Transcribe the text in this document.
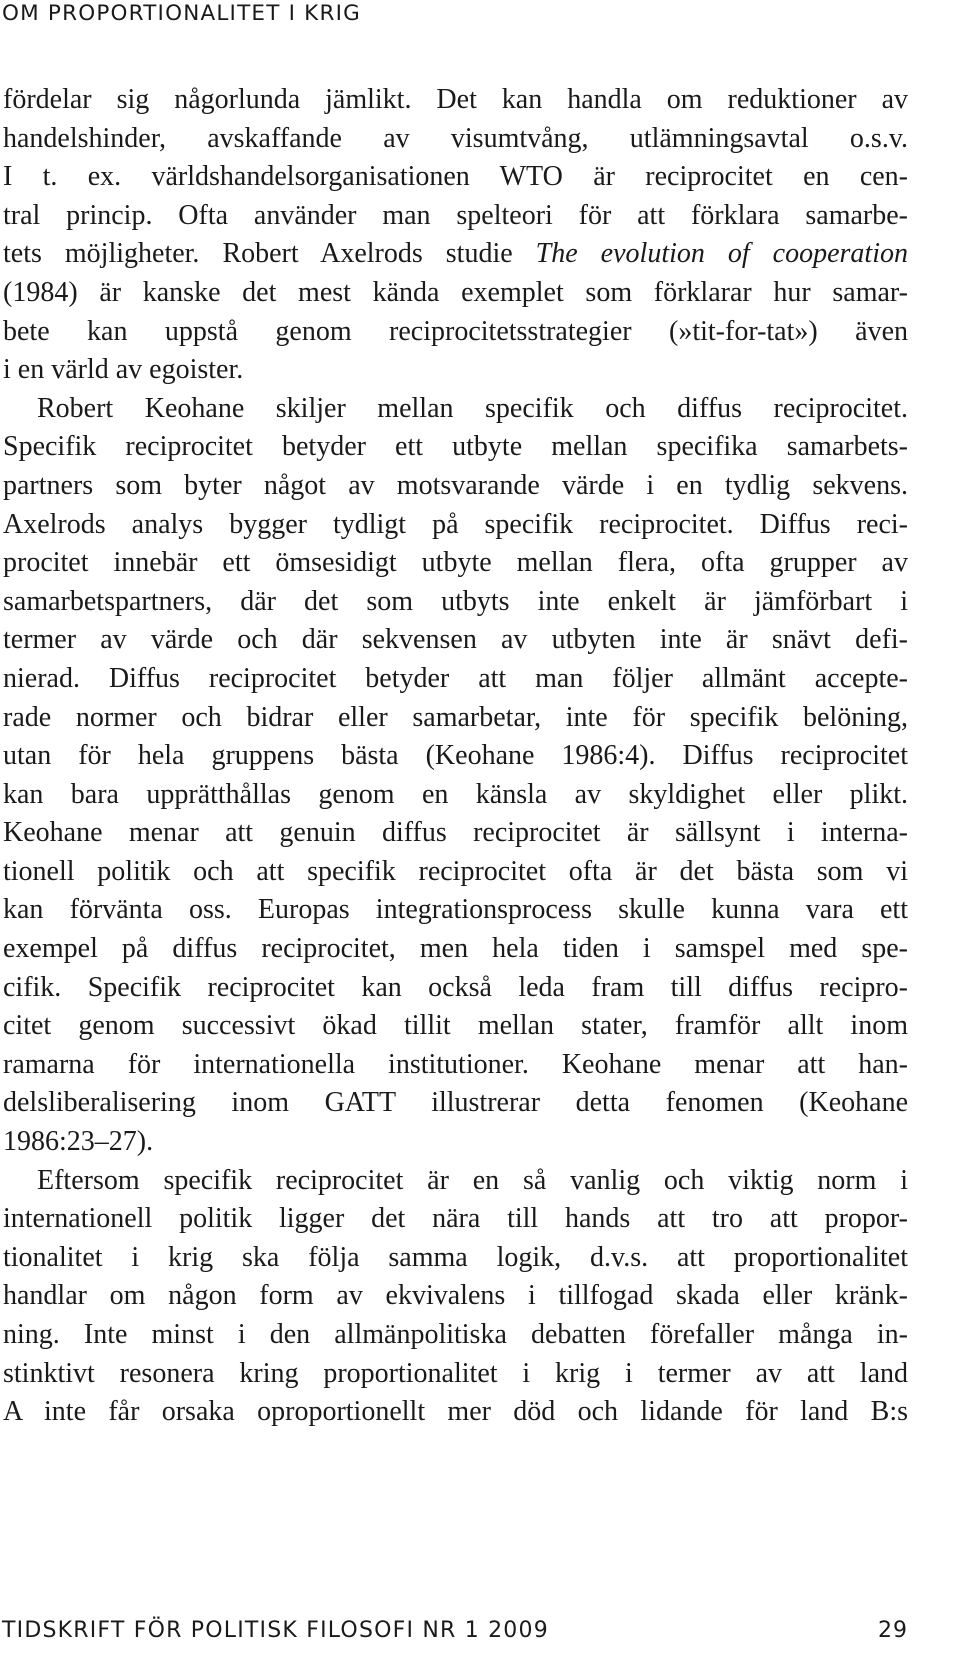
OM PROPORTIONALITET I KRIG
fördelar sig någorlunda jämlikt. Det kan handla om reduktioner av
handelshinder, avskaffande av visumtvång, utlämningsavtal o.s.v.
I t. ex. världshandelsorganisationen WTO är reciprocitet en cen-
tral princip. Ofta använder man spelteori för att förklara samarbe-
tets möjligheter. Robert Axelrods studie The evolution of cooperation
(1984) är kanske det mest kända exemplet som förklarar hur samar-
bete kan uppstå genom reciprocitetsstrategier (»tit-for-tat») även
i en värld av egoister.
Robert Keohane skiljer mellan specifik och diffus reciprocitet.
Specifik reciprocitet betyder ett utbyte mellan specifika samarbets-
partners som byter något av motsvarande värde i en tydlig sekvens.
Axelrods analys bygger tydligt på specifik reciprocitet. Diffus reci-
procitet innebär ett ömsesidigt utbyte mellan flera, ofta grupper av
samarbetspartners, där det som utbyts inte enkelt är jämförbart i
termer av värde och där sekvensen av utbyten inte är snävt defi-
nierad. Diffus reciprocitet betyder att man följer allmänt accepte-
rade normer och bidrar eller samarbetar, inte för specifik belöning,
utan för hela gruppens bästa (Keohane 1986:4). Diffus reciprocitet
kan bara upprätthållas genom en känsla av skyldighet eller plikt.
Keohane menar att genuin diffus reciprocitet är sällsynt i interna-
tionell politik och att specifik reciprocitet ofta är det bästa som vi
kan förvänta oss. Europas integrationsprocess skulle kunna vara ett
exempel på diffus reciprocitet, men hela tiden i samspel med spe-
cifik. Specifik reciprocitet kan också leda fram till diffus recipro-
citet genom successivt ökad tillit mellan stater, framför allt inom
ramarna för internationella institutioner. Keohane menar att han-
delsliberalisering inom GATT illustrerar detta fenomen (Keohane
1986:23–27).
Eftersom specifik reciprocitet är en så vanlig och viktig norm i
internationell politik ligger det nära till hands att tro att propor-
tionalitet i krig ska följa samma logik, d.v.s. att proportionalitet
handlar om någon form av ekvivalens i tillfogad skada eller kränk-
ning. Inte minst i den allmänpolitiska debatten förefaller många in-
stinktivt resonera kring proportionalitet i krig i termer av att land
A inte får orsaka oproportionellt mer död och lidande för land B:s
TIDSKRIFT FÖR POLITISK FILOSOFI NR 1 2009	29
